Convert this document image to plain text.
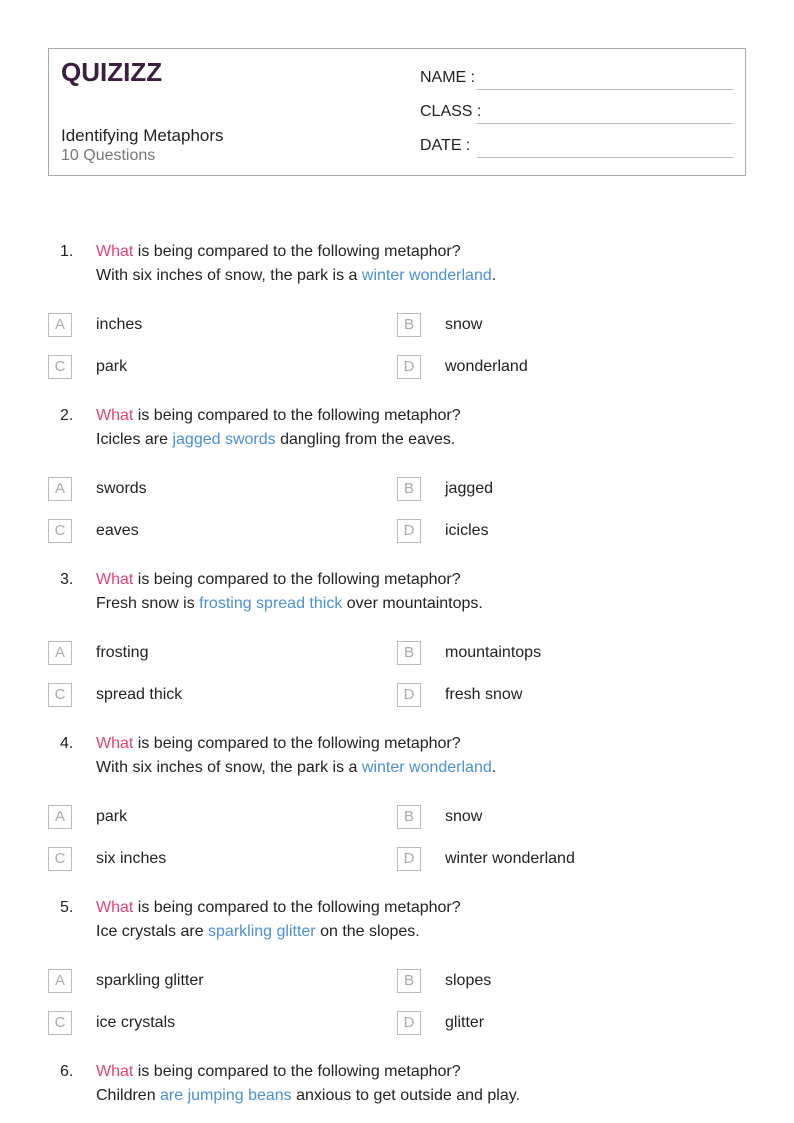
QUIZIZZ
Identifying Metaphors
10 Questions
NAME :
CLASS :
DATE :
1. What is being compared to the following metaphor?
With six inches of snow, the park is a winter wonderland.
A	inches	B	snow
C	park	D	wonderland
2. What is being compared to the following metaphor?
Icicles are jagged swords dangling from the eaves.
A	swords	B	jagged
C	eaves	D	icicles
3. What is being compared to the following metaphor?
Fresh snow is frosting spread thick over mountaintops.
A	frosting	B	mountaintops
C	spread thick	D	fresh snow
4. What is being compared to the following metaphor?
With six inches of snow, the park is a winter wonderland.
A	park	B	snow
C	six inches	D	winter wonderland
5. What is being compared to the following metaphor?
Ice crystals are sparkling glitter on the slopes.
A	sparkling glitter	B	slopes
C	ice crystals	D	glitter
6. What is being compared to the following metaphor?
Children are jumping beans anxious to get outside and play.
